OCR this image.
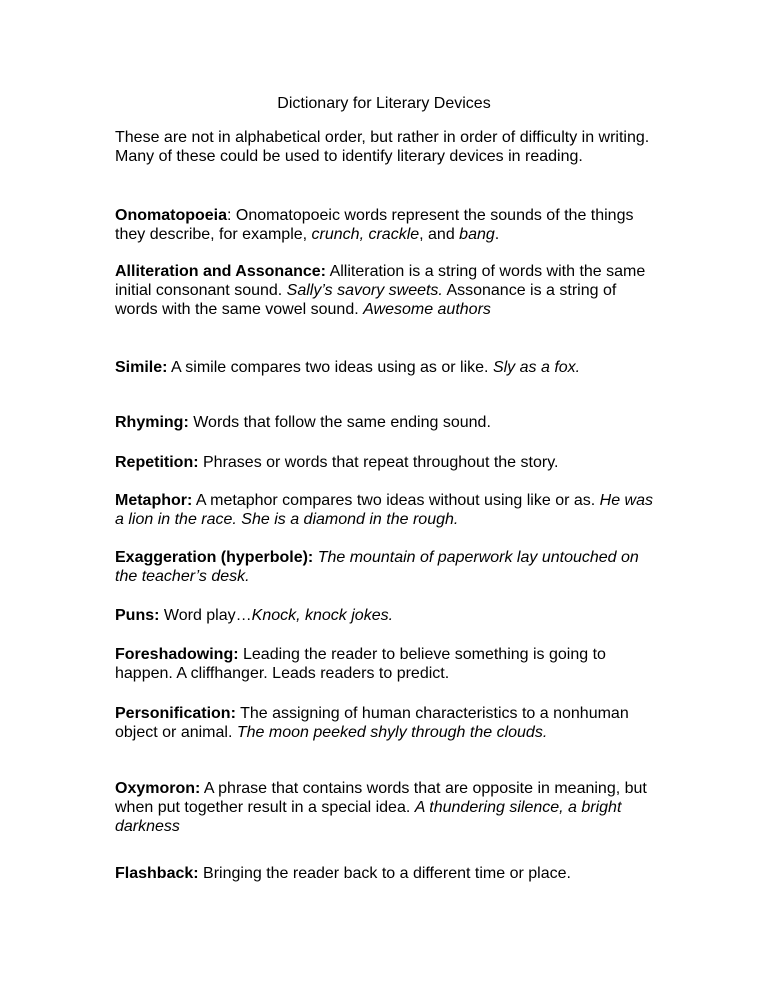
Dictionary for Literary Devices

These are not in alphabetical order, but rather in order of difficulty in writing. Many of these could be used to identify literary devices in reading.

Onomatopoeia: Onomatopoeic words represent the sounds of the things they describe, for example, crunch, crackle, and bang.

Alliteration and Assonance: Alliteration is a string of words with the same initial consonant sound. Sally’s savory sweets. Assonance is a string of words with the same vowel sound. Awesome authors

Simile: A simile compares two ideas using as or like. Sly as a fox.

Rhyming: Words that follow the same ending sound.

Repetition: Phrases or words that repeat throughout the story.

Metaphor: A metaphor compares two ideas without using like or as. He was a lion in the race. She is a diamond in the rough.

Exaggeration (hyperbole): The mountain of paperwork lay untouched on the teacher’s desk.

Puns: Word play…Knock, knock jokes.

Foreshadowing: Leading the reader to believe something is going to happen. A cliffhanger. Leads readers to predict.

Personification: The assigning of human characteristics to a nonhuman object or animal. The moon peeked shyly through the clouds.

Oxymoron: A phrase that contains words that are opposite in meaning, but when put together result in a special idea. A thundering silence, a bright darkness

Flashback: Bringing the reader back to a different time or place.
